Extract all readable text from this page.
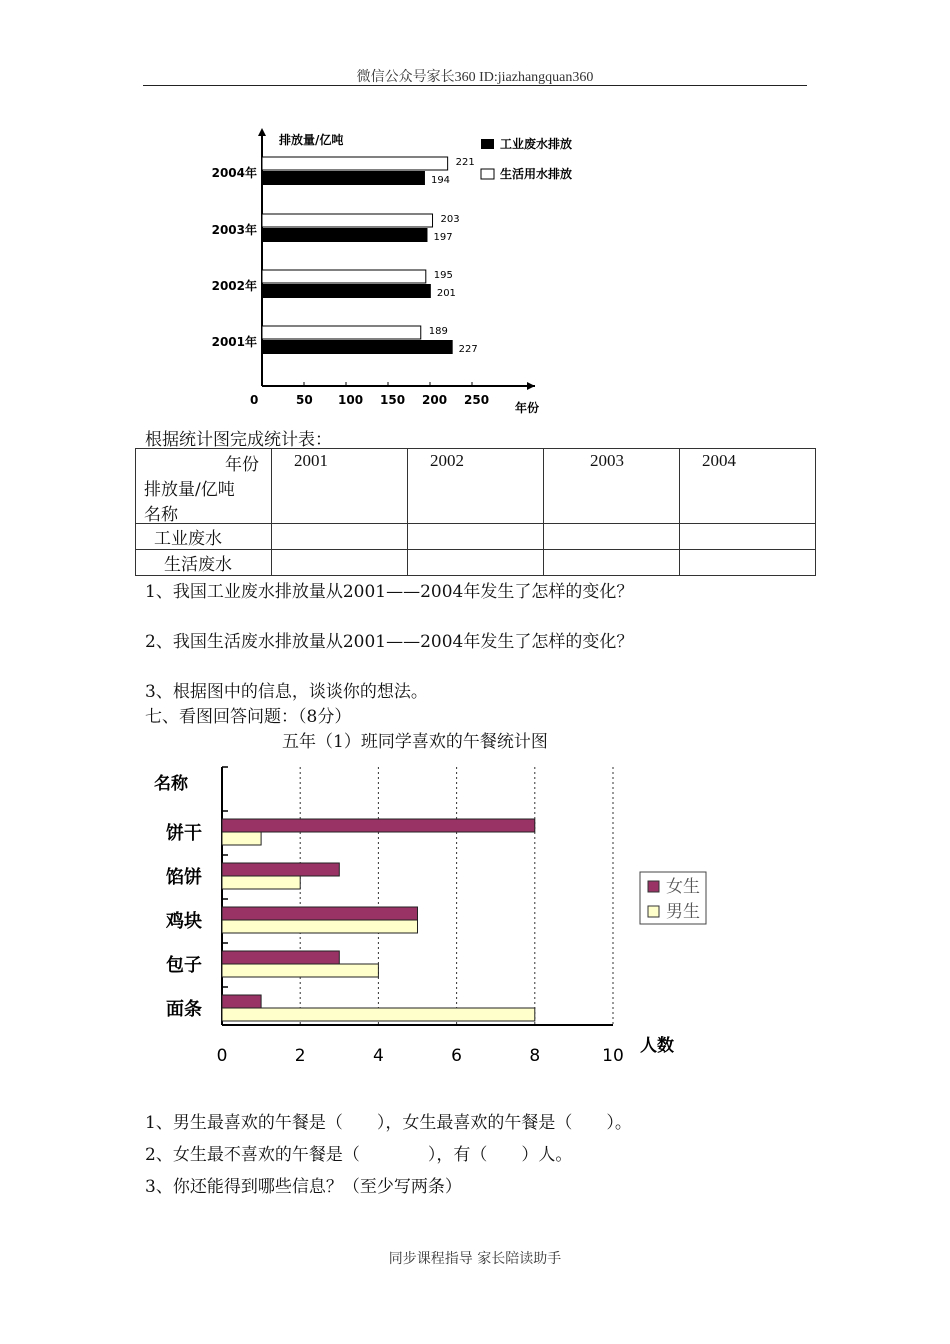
微信公众号家长360 ID:jiazhangquan360
0	50 100 150 200 250
2004年
221
194
2003年
203
197
2002年
195
201
2001年
189
227
排放量/亿吨
年份
工业废水排放
生活用水排放
根据统计图完成统计表：
年份
排放量/亿吨
名称	2001	2002	2003	2004

工业废水				
生活废水				
1、我国工业废水排放量从2001——2004年发生了怎样的变化？
2、我国生活废水排放量从2001——2004年发生了怎样的变化？
3、根据图中的信息，谈谈你的想法。
七、看图回答问题：（8分）
五年（1）班同学喜欢的午餐统计图
名称
人数
0	2	4	6	8	10
饼干
馅饼
鸡块
包子
面条
女生
男生
1、男生最喜欢的午餐是（　　），女生最喜欢的午餐是（　　）。
2、女生最不喜欢的午餐是（　　　　），有（　　）人。
3、你还能得到哪些信息？（至少写两条）
同步课程指导 家长陪读助手
